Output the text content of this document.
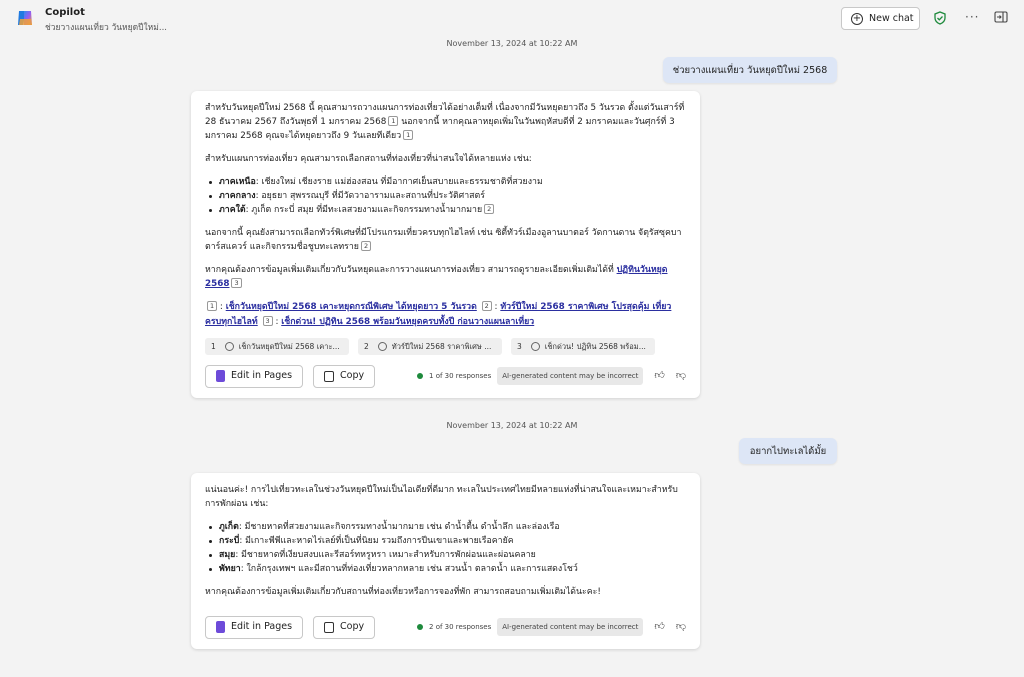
Copilot
ช่วยวางแผนเที่ยว วันหยุดปีใหม่...
+ New chat	···
November 13, 2024 at 10:22 AM
ช่วยวางแผนเที่ยว วันหยุดปีใหม่ 2568

สำหรับวันหยุดปีใหม่ 2568 นี้ คุณสามารถวางแผนการท่องเที่ยวได้อย่างเต็มที่ เนื่องจากมีวันหยุดยาวถึง 5 วันรวด ตั้งแต่วันเสาร์ที่ 28 ธันวาคม 2567 ถึงวันพุธที่ 1 มกราคม 2568 1 นอกจากนี้ หากคุณลาหยุดเพิ่มในวันพฤหัสบดีที่ 2 มกราคมและวันศุกร์ที่ 3 มกราคม 2568 คุณจะได้หยุดยาวถึง 9 วันเลยทีเดียว 1

สำหรับแผนการท่องเที่ยว คุณสามารถเลือกสถานที่ท่องเที่ยวที่น่าสนใจได้หลายแห่ง เช่น:

ภาคเหนือ: เชียงใหม่ เชียงราย แม่ฮ่องสอน ที่มีอากาศเย็นสบายและธรรมชาติที่สวยงาม
ภาคกลาง: อยุธยา สุพรรณบุรี ที่มีวัดวาอารามและสถานที่ประวัติศาสตร์
ภาคใต้: ภูเก็ต กระบี่ สมุย ที่มีทะเลสวยงามและกิจกรรมทางน้ำมากมาย 2

นอกจากนี้ คุณยังสามารถเลือกทัวร์พิเศษที่มีโปรแกรมเที่ยวครบทุกไฮไลท์ เช่น ซิตี้ทัวร์เมืองอูลานบาตอร์ วัดกานดาน จัตุรัสซุคบาตาร์สแควร์ และกิจกรรมชื่อชูบทะเลทราย 2

หากคุณต้องการข้อมูลเพิ่มเติมเกี่ยวกับวันหยุดและการวางแผนการท่องเที่ยว สามารถดูรายละเอียดเพิ่มเติมได้ที่ ปฏิทินวันหยุด 2568 3

1 : เช็กวันหยุดปีใหม่ 2568 เคาะหยุดกรณีพิเศษ ได้หยุดยาว 5 วันรวด 2 : ทัวร์ปีใหม่ 2568 ราคาพิเศษ โปรสุดคุ้ม เที่ยวครบทุกไฮไลท์ 3 : เช็กด่วน! ปฏิทิน 2568 พร้อมวันหยุดครบทั้งปี ก่อนวางแผนลาเที่ยว
1	เช็กวันหยุดปีใหม่ 2568 เคาะ...	2	ทัวร์ปีใหม่ 2568 ราคาพิเศษ ...	3	เช็กด่วน! ปฏิทิน 2568 พร้อม...
Edit in Pages	Copy	1 of 30 responses	AI-generated content may be incorrect	👍︎ 👎︎
November 13, 2024 at 10:22 AM
อยากไปทะเลได้มั้ย

แน่นอนค่ะ! การไปเที่ยวทะเลในช่วงวันหยุดปีใหม่เป็นไอเดียที่ดีมาก ทะเลในประเทศไทยมีหลายแห่งที่น่าสนใจและเหมาะสำหรับการพักผ่อน เช่น:

ภูเก็ต: มีชายหาดที่สวยงามและกิจกรรมทางน้ำมากมาย เช่น ดำน้ำตื้น ดำน้ำลึก และล่องเรือ
กระบี่: มีเกาะพีพีและหาดไร่เลย์ที่เป็นที่นิยม รวมถึงการปีนเขาและพายเรือคายัค
สมุย: มีชายหาดที่เงียบสงบและรีสอร์ทหรูหรา เหมาะสำหรับการพักผ่อนและผ่อนคลาย
พัทยา: ใกล้กรุงเทพฯ และมีสถานที่ท่องเที่ยวหลากหลาย เช่น สวนน้ำ ตลาดน้ำ และการแสดงโชว์

หากคุณต้องการข้อมูลเพิ่มเติมเกี่ยวกับสถานที่ท่องเที่ยวหรือการจองที่พัก สามารถสอบถามเพิ่มเติมได้นะคะ!

Edit in Pages	Copy	2 of 30 responses	AI-generated content may be incorrect	👍︎ 👎︎
